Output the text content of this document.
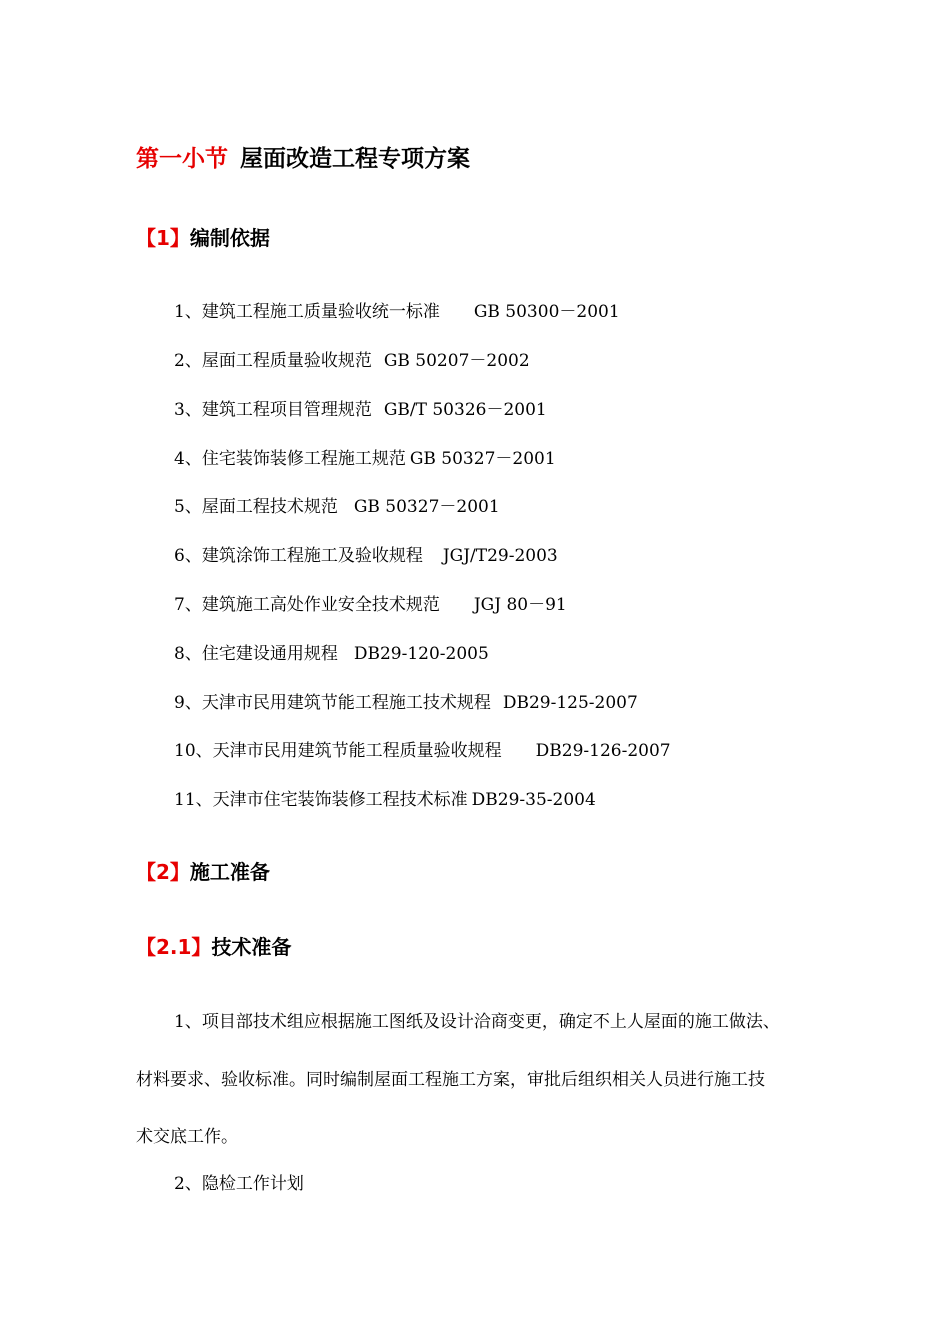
第一小节 屋面改造工程专项方案
【1】编制依据
1、建筑工程施工质量验收统一标准 GB 50300－2001
2、屋面工程质量验收规范 GB 50207－2002
3、建筑工程项目管理规范 GB/T 50326－2001
4、住宅装饰装修工程施工规范 GB 50327－2001
5、屋面工程技术规范 GB 50327－2001
6、建筑涂饰工程施工及验收规程 JGJ/T29-2003
7、建筑施工高处作业安全技术规范 JGJ 80－91
8、住宅建设通用规程 DB29-120-2005
9、天津市民用建筑节能工程施工技术规程 DB29-125-2007
10、天津市民用建筑节能工程质量验收规程 DB29-126-2007
11、天津市住宅装饰装修工程技术标准 DB29-35-2004
【2】施工准备
【2.1】技术准备
1、项目部技术组应根据施工图纸及设计洽商变更，确定不上人屋面的施工做法、
材料要求、验收标准。同时编制屋面工程施工方案，审批后组织相关人员进行施工技
术交底工作。
2、隐检工作计划
